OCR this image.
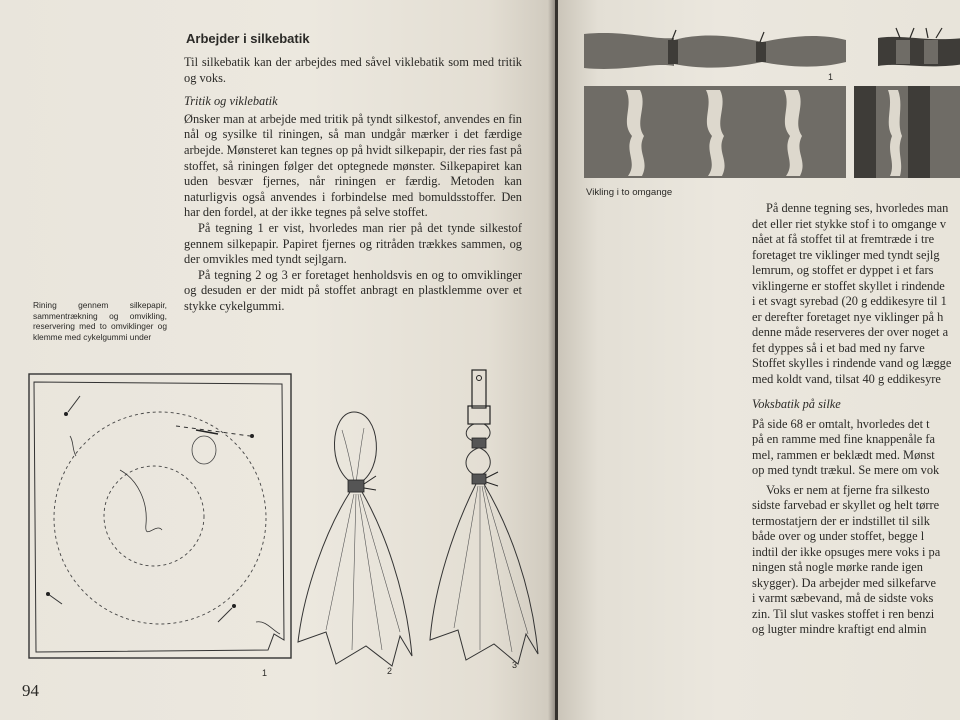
Arbejder i silkebatik

Til silkebatik kan der arbejdes med såvel viklebatik som med tritik og voks.

Tritik og viklebatik

Ønsker man at arbejde med tritik på tyndt silkestof, anvendes en fin nål og sysilke til riningen, så man undgår mærker i det færdige arbejde. Mønsteret kan tegnes op på hvidt silkepapir, der ries fast på stoffet, så riningen følger det optegnede mønster. Silkepapiret kan uden besvær fjernes, når riningen er færdig. Metoden kan naturligvis også anvendes i forbindelse med bomuldsstoffer. Den har den fordel, at der ikke tegnes på selve stoffet.

På tegning 1 er vist, hvorledes man rier på det tynde silkestof gennem silkepapir. Papiret fjernes og ritråden trækkes sammen, og der omvikles med tyndt sejlgarn.

På tegning 2 og 3 er foretaget henholdsvis en og to omviklinger og desuden er der midt på stoffet anbragt en plastklemme over et stykke cykelgummi.

Rining gennem silkepapir, sammentrækning og omvikling, reservering med to omviklinger og klemme med cykelgummi under
1	2
3
94
1
Vikling i to omgange

På denne tegning ses, hvorledes man

det eller riet stykke stof i to omgange v

nået at få stoffet til at fremtræde i tre

foretaget tre viklinger med tyndt sejlg

lemrum, og stoffet er dyppet i et fars

viklingerne er stoffet skyllet i rindende

i et svagt syrebad (20 g eddikesyre til 1

er derefter foretaget nye viklinger på h

denne måde reserveres der over noget a

fet dyppes så i et bad med ny farve

Stoffet skylles i rindende vand og lægge

med koldt vand, tilsat 40 g eddikesyre

Voksbatik på silke

På side 68 er omtalt, hvorledes det t

på en ramme med fine knappenåle fa

mel, rammen er beklædt med. Mønst

op med tyndt trækul. Se mere om vok

Voks er nem at fjerne fra silkesto

sidste farvebad er skyllet og helt tørre

termostatjern der er indstillet til silk

både over og under stoffet, begge l

indtil der ikke opsuges mere voks i pa

ningen stå nogle mørke rande igen

skygger). Da arbejder med silkefarve

i varmt sæbevand, må de sidste voks

zin. Til slut vaskes stoffet i ren benzi

og lugter mindre kraftigt end almin
